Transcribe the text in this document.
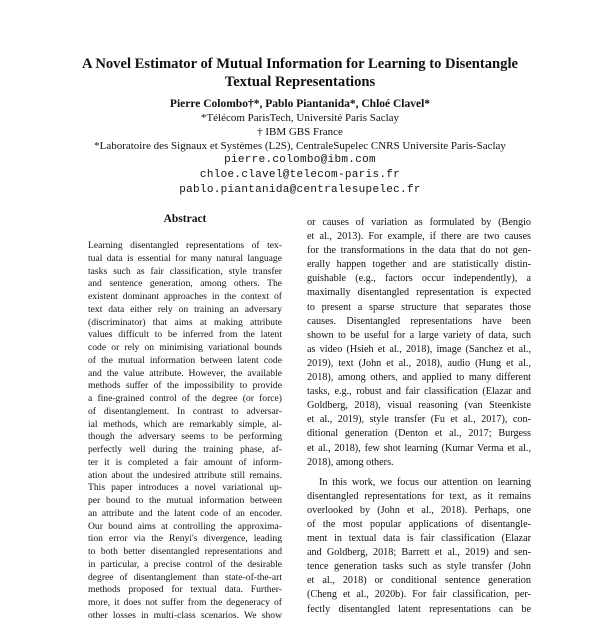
A Novel Estimator of Mutual Information for Learning to Disentangle
Textual Representations
Pierre Colombo†*, Pablo Piantanida*, Chloé Clavel*
*Télécom ParisTech, Université Paris Saclay
† IBM GBS France
*Laboratoire des Signaux et Systèmes (L2S), CentraleSupelec CNRS Universite Paris-Saclay
pierre.colombo@ibm.com
chloe.clavel@telecom-paris.fr
pablo.piantanida@centralesupelec.fr
Abstract
Learning disentangled representations of tex-
tual data is essential for many natural language
tasks such as fair classification, style transfer
and sentence generation, among others. The
existent dominant approaches in the context of
text data either rely on training an adversary
(discriminator) that aims at making attribute
values difficult to be inferred from the latent
code or rely on minimising variational bounds
of the mutual information between latent code
and the value attribute. However, the available
methods suffer of the impossibility to provide
a fine-grained control of the degree (or force)
of disentanglement. In contrast to adversar-
ial methods, which are remarkably simple, al-
though the adversary seems to be performing
perfectly well during the training phase, af-
ter it is completed a fair amount of inform-
ation about the undesired attribute still remains.
This paper introduces a novel variational up-
per bound to the mutual information between
an attribute and the latent code of an encoder.
Our bound aims at controlling the approxima-
tion error via the Renyi's divergence, leading
to both better disentangled representations and
in particular, a precise control of the desirable
degree of disentanglement than state-of-the-art
methods proposed for textual data. Further-
more, it does not suffer from the degeneracy of
other losses in multi-class scenarios. We show
or causes of variation as formulated by (Bengio
et al., 2013). For example, if there are two causes
for the transformations in the data that do not gen-
erally happen together and are statistically distin-
guishable (e.g., factors occur independently), a
maximally disentangled representation is expected
to present a sparse structure that separates those
causes. Disentangled representations have been
shown to be useful for a large variety of data, such
as video (Hsieh et al., 2018), image (Sanchez et al.,
2019), text (John et al., 2018), audio (Hung et al.,
2018), among others, and applied to many different
tasks, e.g., robust and fair classification (Elazar and
Goldberg, 2018), visual reasoning (van Steenkiste
et al., 2019), style transfer (Fu et al., 2017), con-
ditional generation (Denton et al., 2017; Burgess
et al., 2018), few shot learning (Kumar Verma et al.,
2018), among others.
In this work, we focus our attention on learning
disentangled representations for text, as it remains
overlooked by (John et al., 2018). Perhaps, one
of the most popular applications of disentangle-
ment in textual data is fair classification (Elazar
and Goldberg, 2018; Barrett et al., 2019) and sen-
tence generation tasks such as style transfer (John
et al., 2018) or conditional sentence generation
(Cheng et al., 2020b). For fair classification, per-
fectly disentangled latent representations can be
